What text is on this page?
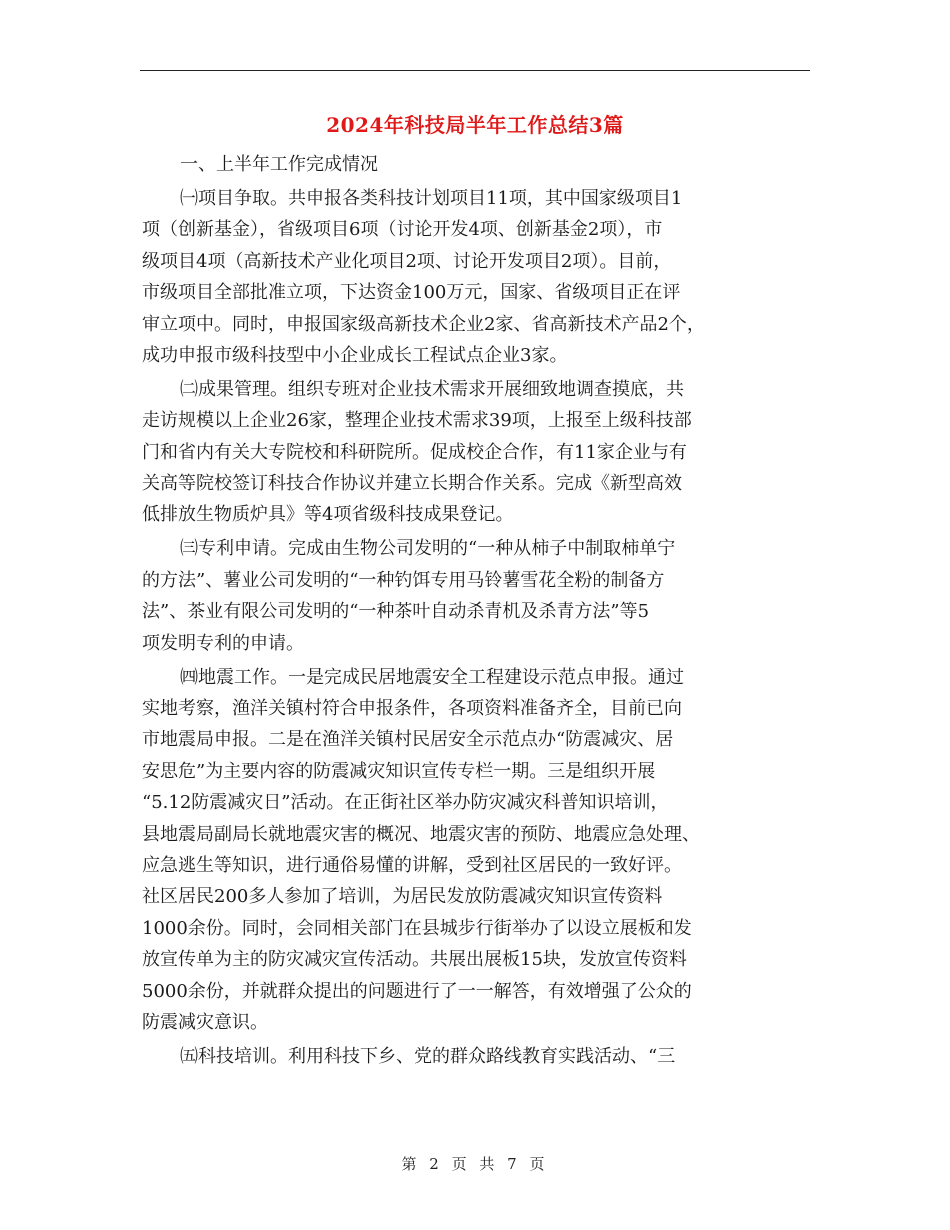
2024年科技局半年工作总结3篇

一、上半年工作完成情况

㈠项目争取。共申报各类科技计划项目11项，其中国家级项目1
项（创新基金），省级项目6项（讨论开发4项、创新基金2项），市
级项目4项（高新技术产业化项目2项、讨论开发项目2项）。目前，
市级项目全部批准立项，下达资金100万元，国家、省级项目正在评
审立项中。同时，申报国家级高新技术企业2家、省高新技术产品2个，
成功申报市级科技型中小企业成长工程试点企业3家。

㈡成果管理。组织专班对企业技术需求开展细致地调查摸底，共
走访规模以上企业26家，整理企业技术需求39项，上报至上级科技部
门和省内有关大专院校和科研院所。促成校企合作，有11家企业与有
关高等院校签订科技合作协议并建立长期合作关系。完成《新型高效
低排放生物质炉具》等4项省级科技成果登记。

㈢专利申请。完成由生物公司发明的“一种从柿子中制取柿单宁
的方法”、薯业公司发明的“一种钓饵专用马铃薯雪花全粉的制备方
法”、茶业有限公司发明的“一种茶叶自动杀青机及杀青方法”等5
项发明专利的申请。

㈣地震工作。一是完成民居地震安全工程建设示范点申报。通过
实地考察，渔洋关镇村符合申报条件，各项资料准备齐全，目前已向
市地震局申报。二是在渔洋关镇村民居安全示范点办“防震减灾、居
安思危”为主要内容的防震减灾知识宣传专栏一期。三是组织开展
“5.12防震减灾日”活动。在正街社区举办防灾减灾科普知识培训，
县地震局副局长就地震灾害的概况、地震灾害的预防、地震应急处理、
应急逃生等知识，进行通俗易懂的讲解，受到社区居民的一致好评。
社区居民200多人参加了培训，为居民发放防震减灾知识宣传资料
1000余份。同时，会同相关部门在县城步行街举办了以设立展板和发
放宣传单为主的防灾减灾宣传活动。共展出展板15块，发放宣传资料
5000余份，并就群众提出的问题进行了一一解答，有效增强了公众的
防震减灾意识。

㈤科技培训。利用科技下乡、党的群众路线教育实践活动、“三

第 2 页 共 7 页
